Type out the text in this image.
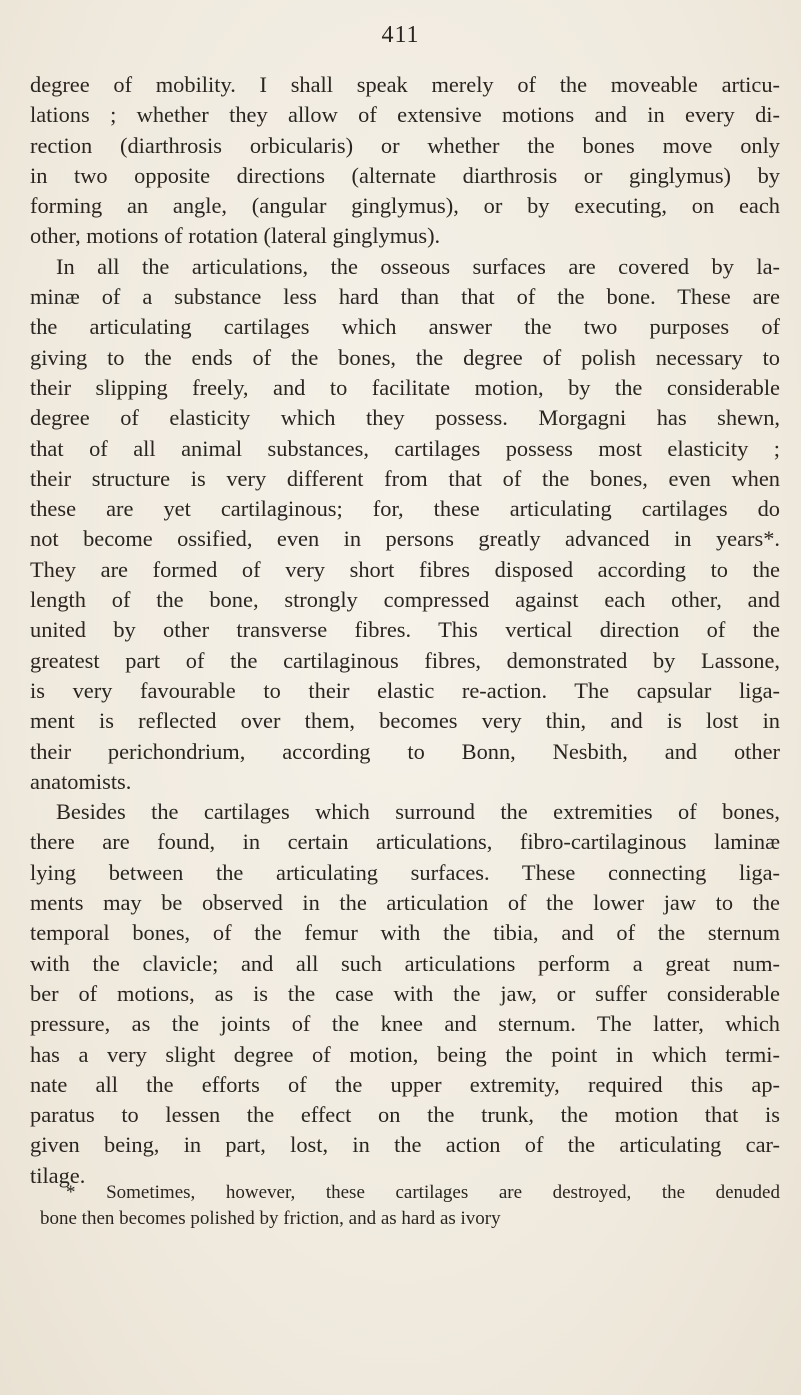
411
degree of mobility. I shall speak merely of the moveable articu-
lations ; whether they allow of extensive motions and in every di-
rection (diarthrosis orbicularis) or whether the bones move only
in two opposite directions (alternate diarthrosis or ginglymus) by
forming an angle, (angular ginglymus), or by executing, on each
other, motions of rotation (lateral ginglymus).
In all the articulations, the osseous surfaces are covered by la-
minæ of a substance less hard than that of the bone. These are
the articulating cartilages which answer the two purposes of
giving to the ends of the bones, the degree of polish necessary to
their slipping freely, and to facilitate motion, by the considerable
degree of elasticity which they possess. Morgagni has shewn,
that of all animal substances, cartilages possess most elasticity ;
their structure is very different from that of the bones, even when
these are yet cartilaginous; for, these articulating cartilages do
not become ossified, even in persons greatly advanced in years*.
They are formed of very short fibres disposed according to the
length of the bone, strongly compressed against each other, and
united by other transverse fibres. This vertical direction of the
greatest part of the cartilaginous fibres, demonstrated by Lassone,
is very favourable to their elastic re-action. The capsular liga-
ment is reflected over them, becomes very thin, and is lost in
their perichondrium, according to Bonn, Nesbith, and other
anatomists.
Besides the cartilages which surround the extremities of bones,
there are found, in certain articulations, fibro-cartilaginous laminæ
lying between the articulating surfaces. These connecting liga-
ments may be observed in the articulation of the lower jaw to the
temporal bones, of the femur with the tibia, and of the sternum
with the clavicle; and all such articulations perform a great num-
ber of motions, as is the case with the jaw, or suffer considerable
pressure, as the joints of the knee and sternum. The latter, which
has a very slight degree of motion, being the point in which termi-
nate all the efforts of the upper extremity, required this ap-
paratus to lessen the effect on the trunk, the motion that is
given being, in part, lost, in the action of the articulating car-
tilage.
* Sometimes, however, these cartilages are destroyed, the denuded
bone then becomes polished by friction, and as hard as ivory
